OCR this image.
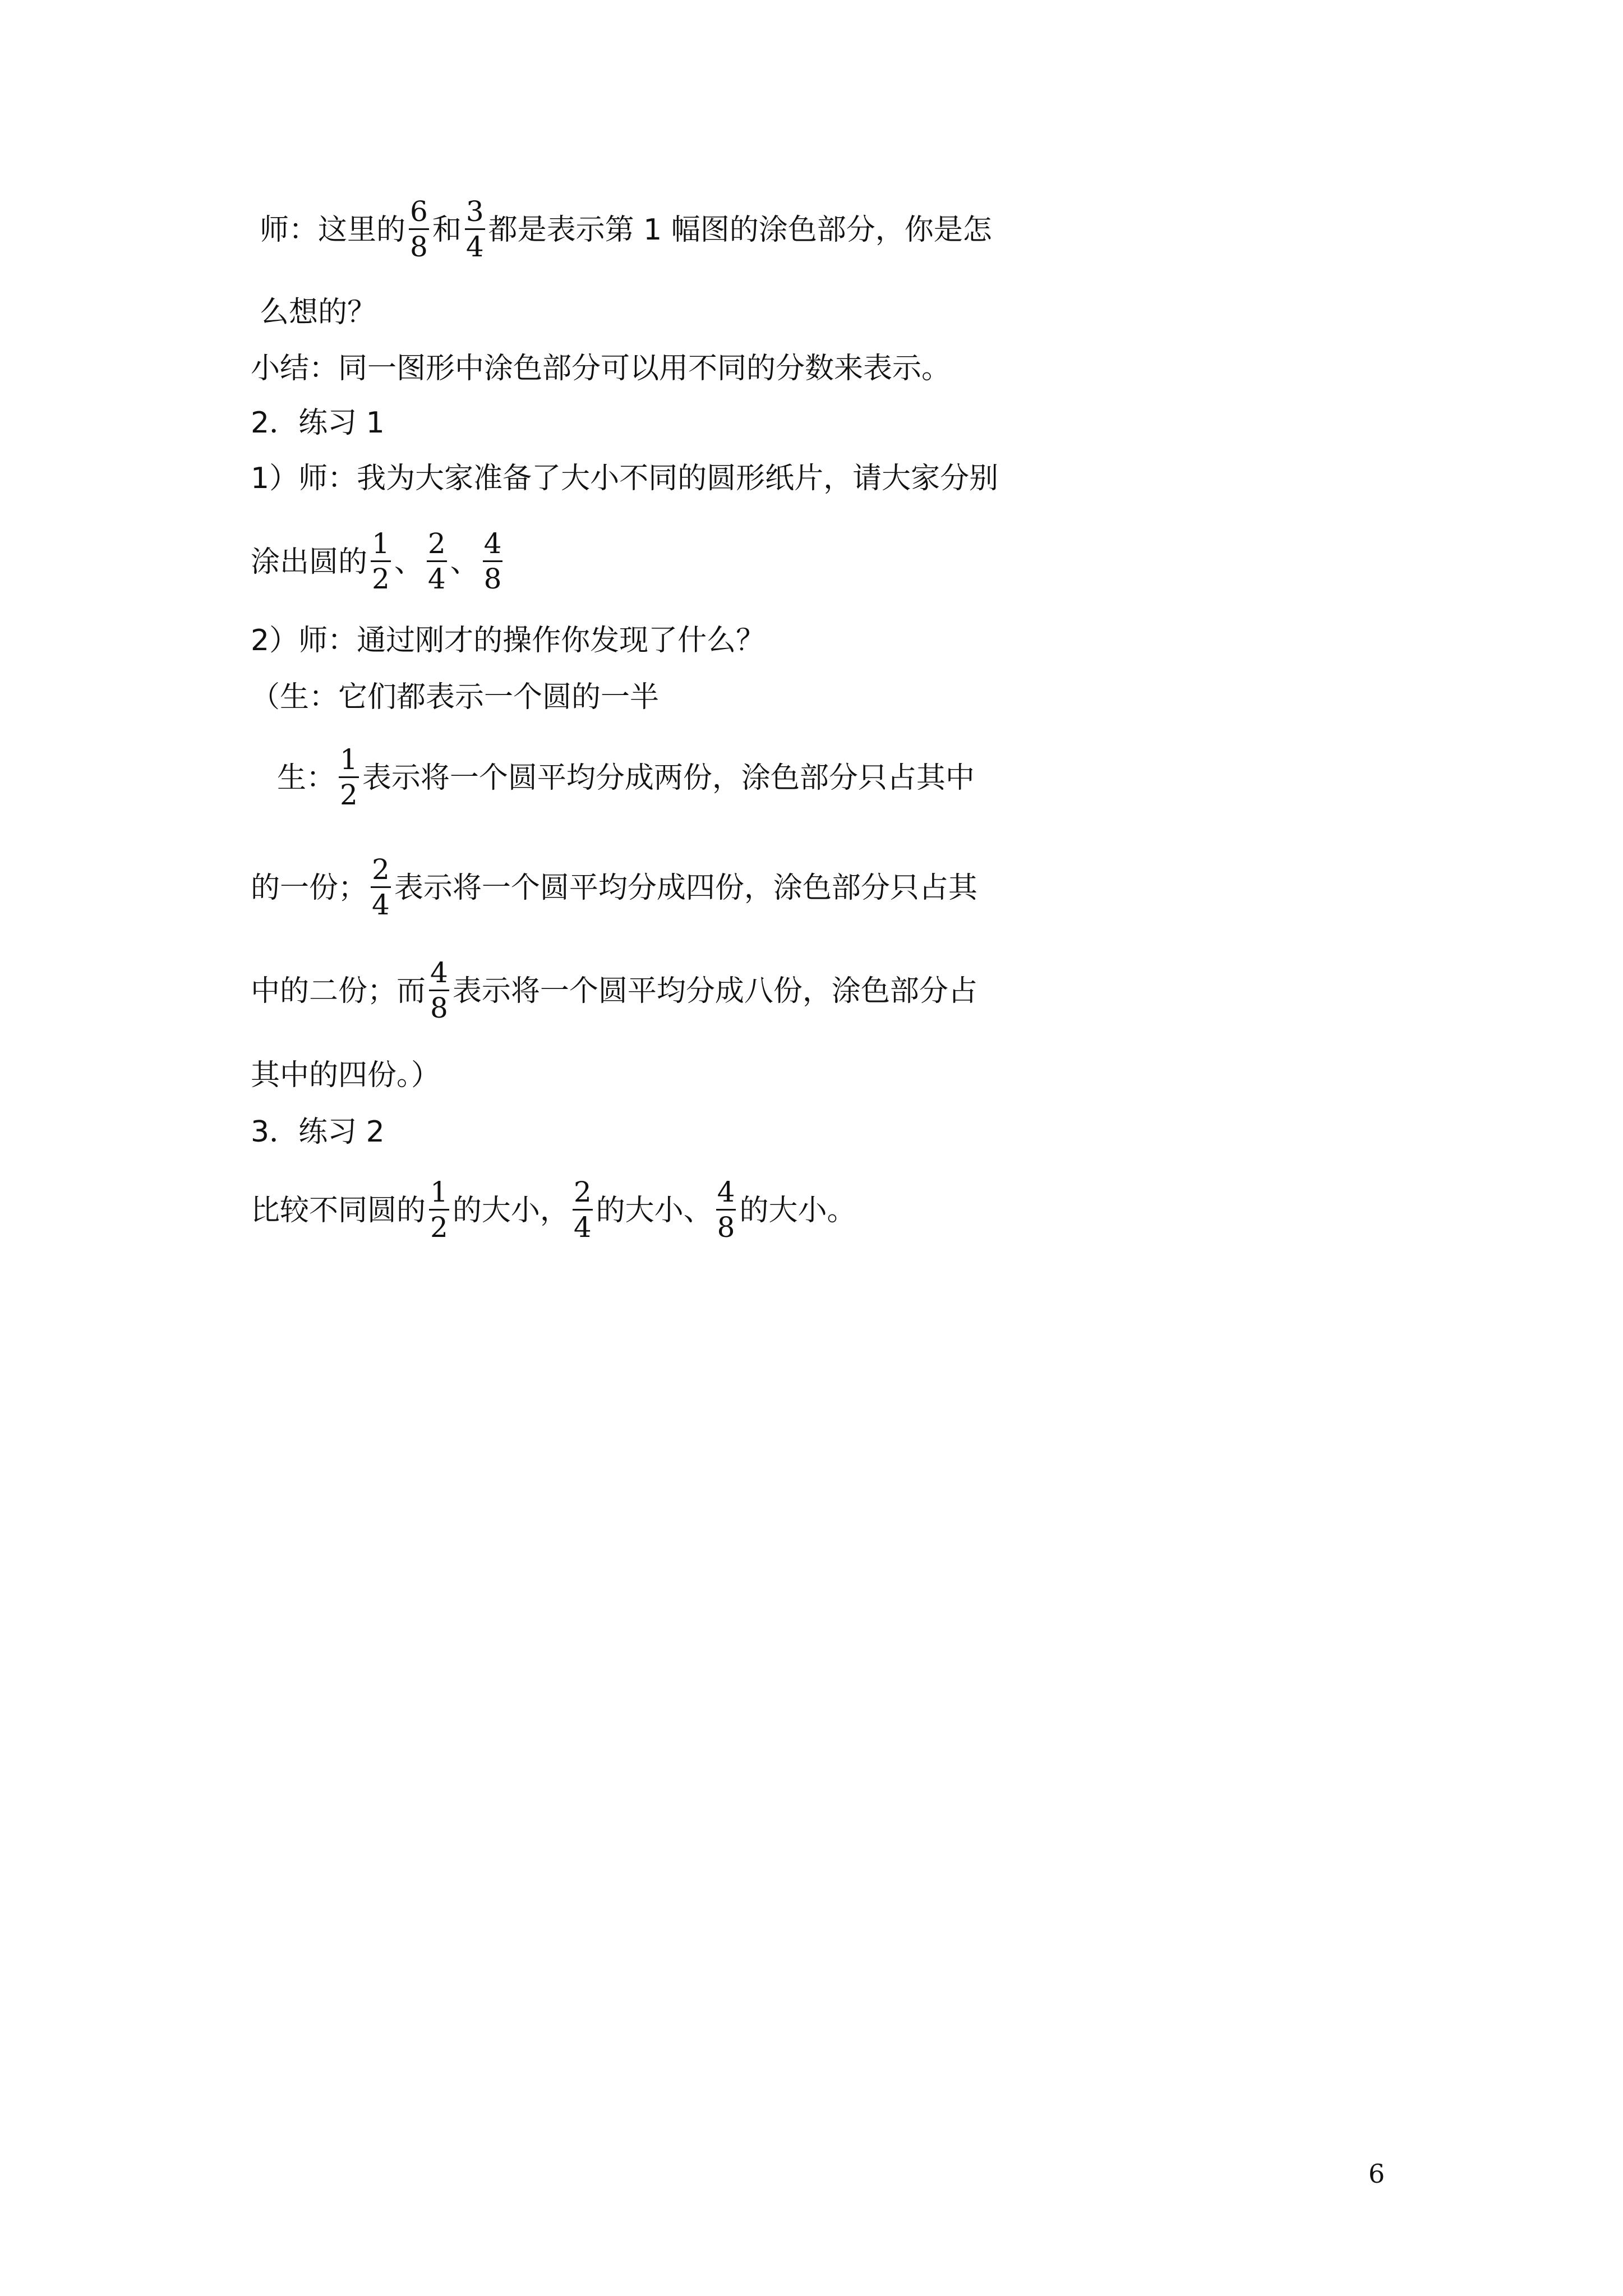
师：这里的 $\frac{6}{8}$ 和 $\frac{3}{4}$ 都是表示第 1 幅图的涂色部分，你是怎
么想的？
小结：同一图形中涂色部分可以用不同的分数来表示。
2．练习 1
1）师：我为大家准备了大小不同的圆形纸片，请大家分别
涂出圆的 $\frac{1}{2}$ 、 $\frac{2}{4}$ 、 $\frac{4}{8}$
2）师：通过刚才的操作你发现了什么？
（生：它们都表示一个圆的一半
生： $\frac{1}{2}$ 表示将一个圆平均分成两份，涂色部分只占其中
的一份； $\frac{2}{4}$ 表示将一个圆平均分成四份，涂色部分只占其
中的二份；而 $\frac{4}{8}$ 表示将一个圆平均分成八份，涂色部分占
其中的四份。）
3．练习 2
比较不同圆的 $\frac{1}{2}$ 的大小， $\frac{2}{4}$ 的大小、 $\frac{4}{8}$ 的大小。
6
